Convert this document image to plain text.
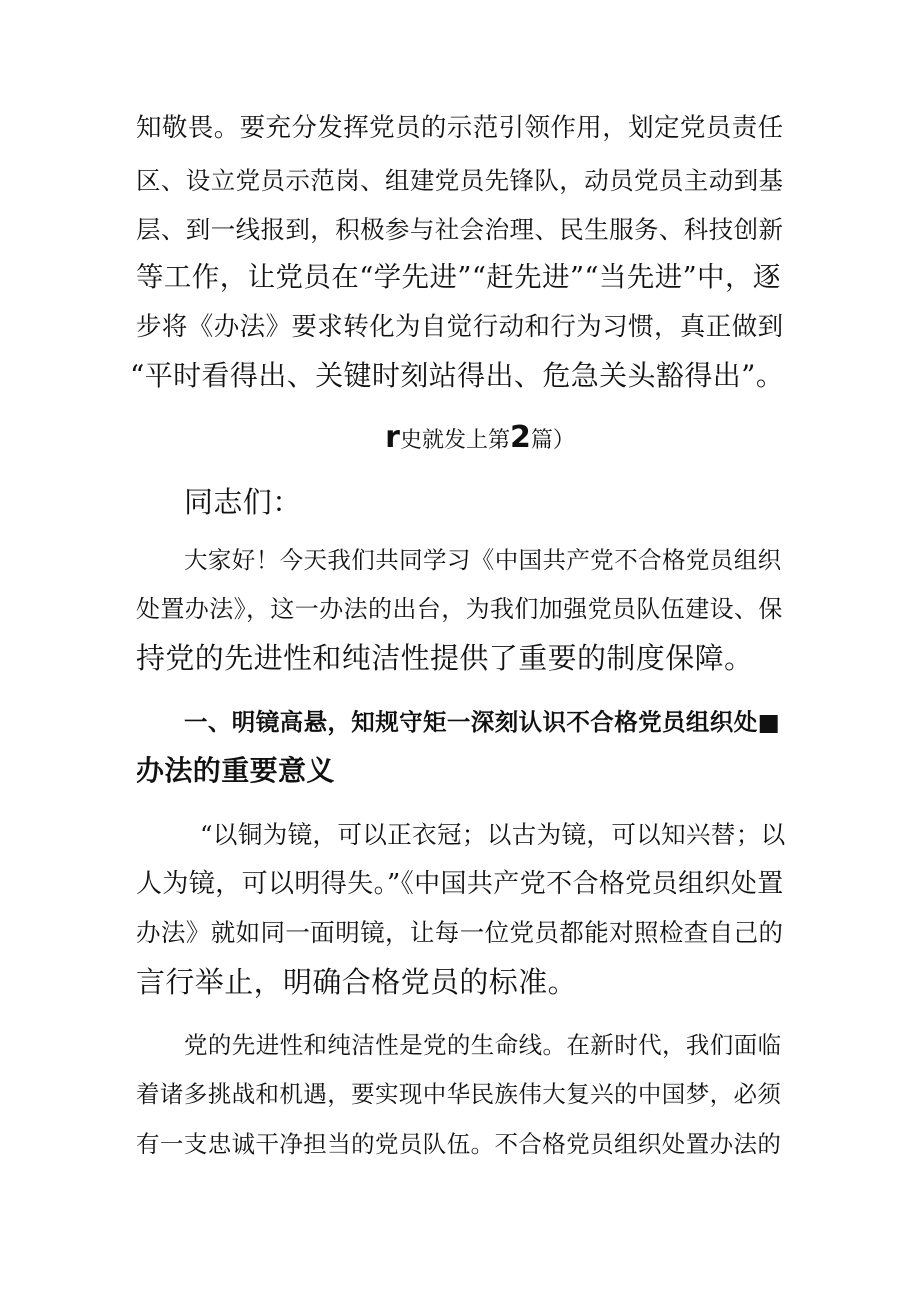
知敬畏。要充分发挥党员的示范引领作用，划定党员责任
区、设立党员示范岗、组建党员先锋队，动员党员主动到基
层、到一线报到，积极参与社会治理、民生服务、科技创新
等工作，让党员在“学先进”“赶先进”“当先进”中，逐
步将《办法》要求转化为自觉行动和行为习惯，真正做到
“平时看得出、关键时刻站得出、危急关头豁得出”。
r史就发上第2篇）
同志们：
大家好！今天我们共同学习《中国共产党不合格党员组织
处置办法》，这一办法的出台，为我们加强党员队伍建设、保
持党的先进性和纯洁性提供了重要的制度保障。
一、明镜高悬，知规守矩一深刻认识不合格党员组织处■
办法的重要意义
“以铜为镜，可以正衣冠；以古为镜，可以知兴替；以
人为镜，可以明得失。”《中国共产党不合格党员组织处置
办法》就如同一面明镜，让每一位党员都能对照检查自己的
言行举止，明确合格党员的标准。
党的先进性和纯洁性是党的生命线。在新时代，我们面临
着诸多挑战和机遇，要实现中华民族伟大复兴的中国梦，必须
有一支忠诚干净担当的党员队伍。不合格党员组织处置办法的
